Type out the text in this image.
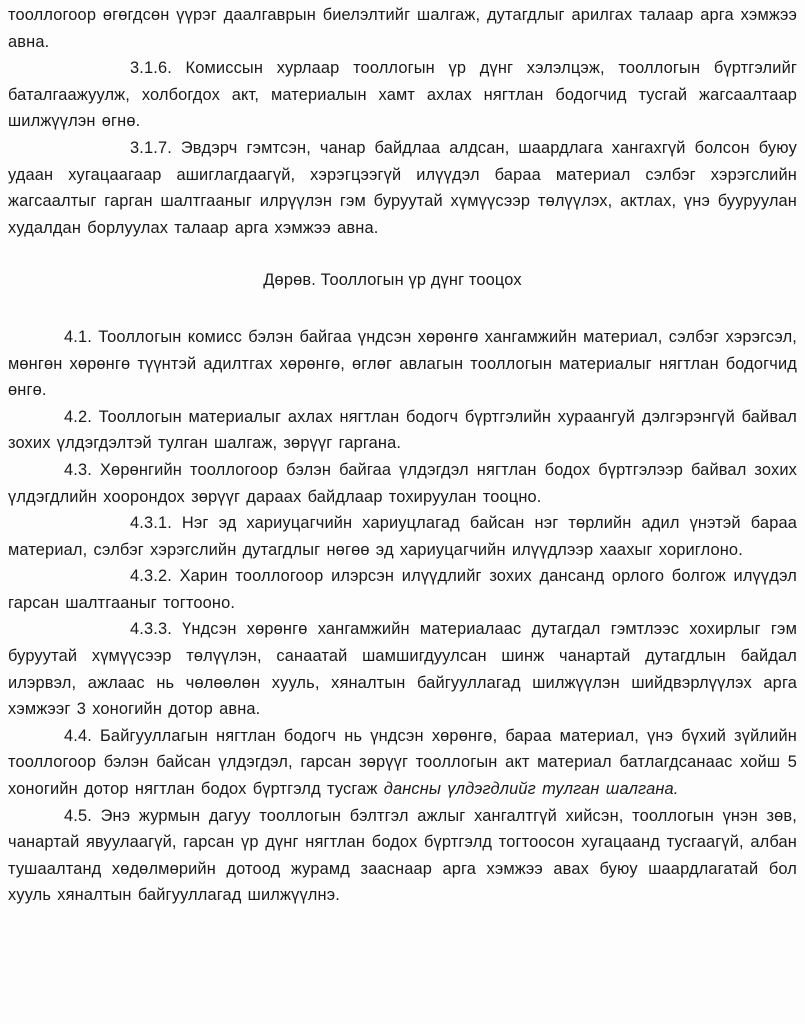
тооллогоор өгөгдсөн үүрэг даалгаврын биелэлтийг шалгаж, дутагдлыг арилгах талаар арга хэмжээ авна.

3.1.6. Комиссын хурлаар тооллогын үр дүнг хэлэлцэж, тооллогын бүртгэлийг баталгаажуулж, холбогдох акт, материалын хамт ахлах нягтлан бодогчид тусгай жагсаалтаар шилжүүлэн өгнө.

3.1.7. Эвдэрч гэмтсэн, чанар байдлаа алдсан, шаардлага хангахгүй болсон буюу удаан хугацаагаар ашиглагдаагүй, хэрэгцээгүй илүүдэл бараа материал сэлбэг хэрэгслийн жагсаалтыг гарган шалтгааныг илрүүлэн гэм буруутай хүмүүсээр төлүүлэх, актлах, үнэ бууруулан худалдан борлуулах талаар арга хэмжээ авна.

Дөрөв. Тооллогын үр дүнг тооцох

4.1. Тооллогын комисс бэлэн байгаа үндсэн хөрөнгө хангамжийн материал, сэлбэг хэрэгсэл, мөнгөн хөрөнгө түүнтэй адилтгах хөрөнгө, өглөг авлагын тооллогын материалыг нягтлан бодогчид өнгө.

4.2. Тооллогын материалыг ахлах нягтлан бодогч бүртгэлийн хураангуй дэлгэрэнгүй байвал зохих үлдэгдэлтэй тулган шалгаж, зөрүүг гаргана.

4.3. Хөрөнгийн тооллогоор бэлэн байгаа үлдэгдэл нягтлан бодох бүртгэлээр байвал зохих үлдэгдлийн хоорондох зөрүүг дараах байдлаар тохируулан тооцно.

4.3.1. Нэг эд хариуцагчийн хариуцлагад байсан нэг төрлийн адил үнэтэй бараа материал, сэлбэг хэрэгслийн дутагдлыг нөгөө эд хариуцагчийн илүүдлээр хаахыг хориглоно.

4.3.2. Харин тооллогоор илэрсэн илүүдлийг зохих дансанд орлого болгож илүүдэл гарсан шалтгааныг тогтооно.

4.3.3. Үндсэн хөрөнгө хангамжийн материалаас дутагдал гэмтлээс хохирлыг гэм буруутай хүмүүсээр төлүүлэн, санаатай шамшигдуулсан шинж чанартай дутагдлын байдал илэрвэл, ажлаас нь чөлөөлөн хууль, хяналтын байгууллагад шилжүүлэн шийдвэрлүүлэх арга хэмжээг 3 хоногийн дотор авна.

4.4. Байгууллагын нягтлан бодогч нь үндсэн хөрөнгө, бараа материал, үнэ бүхий зүйлийн тооллогоор бэлэн байсан үлдэгдэл, гарсан зөрүүг тооллогын акт материал батлагдсанаас хойш 5 хоногийн дотор нягтлан бодох бүртгэлд тусгаж дансны үлдэгдлийг тулган шалгана.

4.5. Энэ журмын дагуу тооллогын бэлтгэл ажлыг хангалтгүй хийсэн, тооллогын үнэн зөв, чанартай явуулаагүй, гарсан үр дүнг нягтлан бодох бүртгэлд тогтоосон хугацаанд тусгаагүй, албан тушаалтанд хөдөлмөрийн дотоод журамд зааснаар арга хэмжээ авах буюу шаардлагатай бол хууль хяналтын байгууллагад шилжүүлнэ.
